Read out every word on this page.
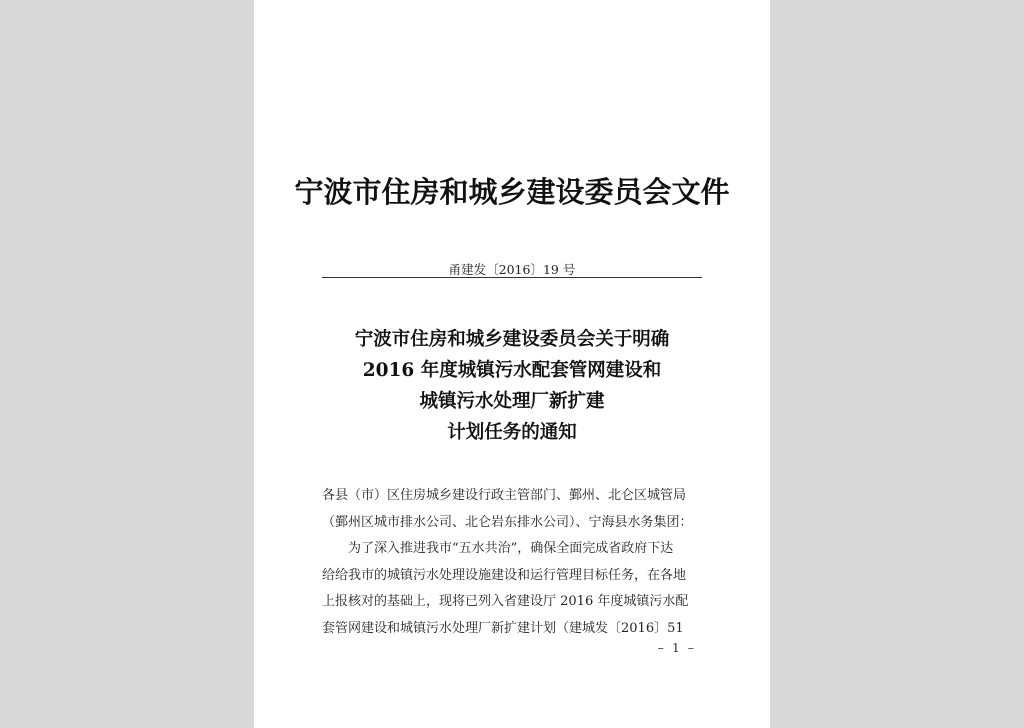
宁波市住房和城乡建设委员会文件
甬建发〔2016〕19 号
宁波市住房和城乡建设委员会关于明确
2016 年度城镇污水配套管网建设和
城镇污水处理厂新扩建
计划任务的通知
各县（市）区住房城乡建设行政主管部门、鄞州、北仑区城管局
（鄞州区城市排水公司、北仑岩东排水公司）、宁海县水务集团：
为了深入推进我市“五水共治”，确保全面完成省政府下达
给给我市的城镇污水处理设施建设和运行管理目标任务，在各地
上报核对的基础上，现将已列入省建设厅 2016 年度城镇污水配
套管网建设和城镇污水处理厂新扩建计划（建城发〔2016〕51
– 1 –
